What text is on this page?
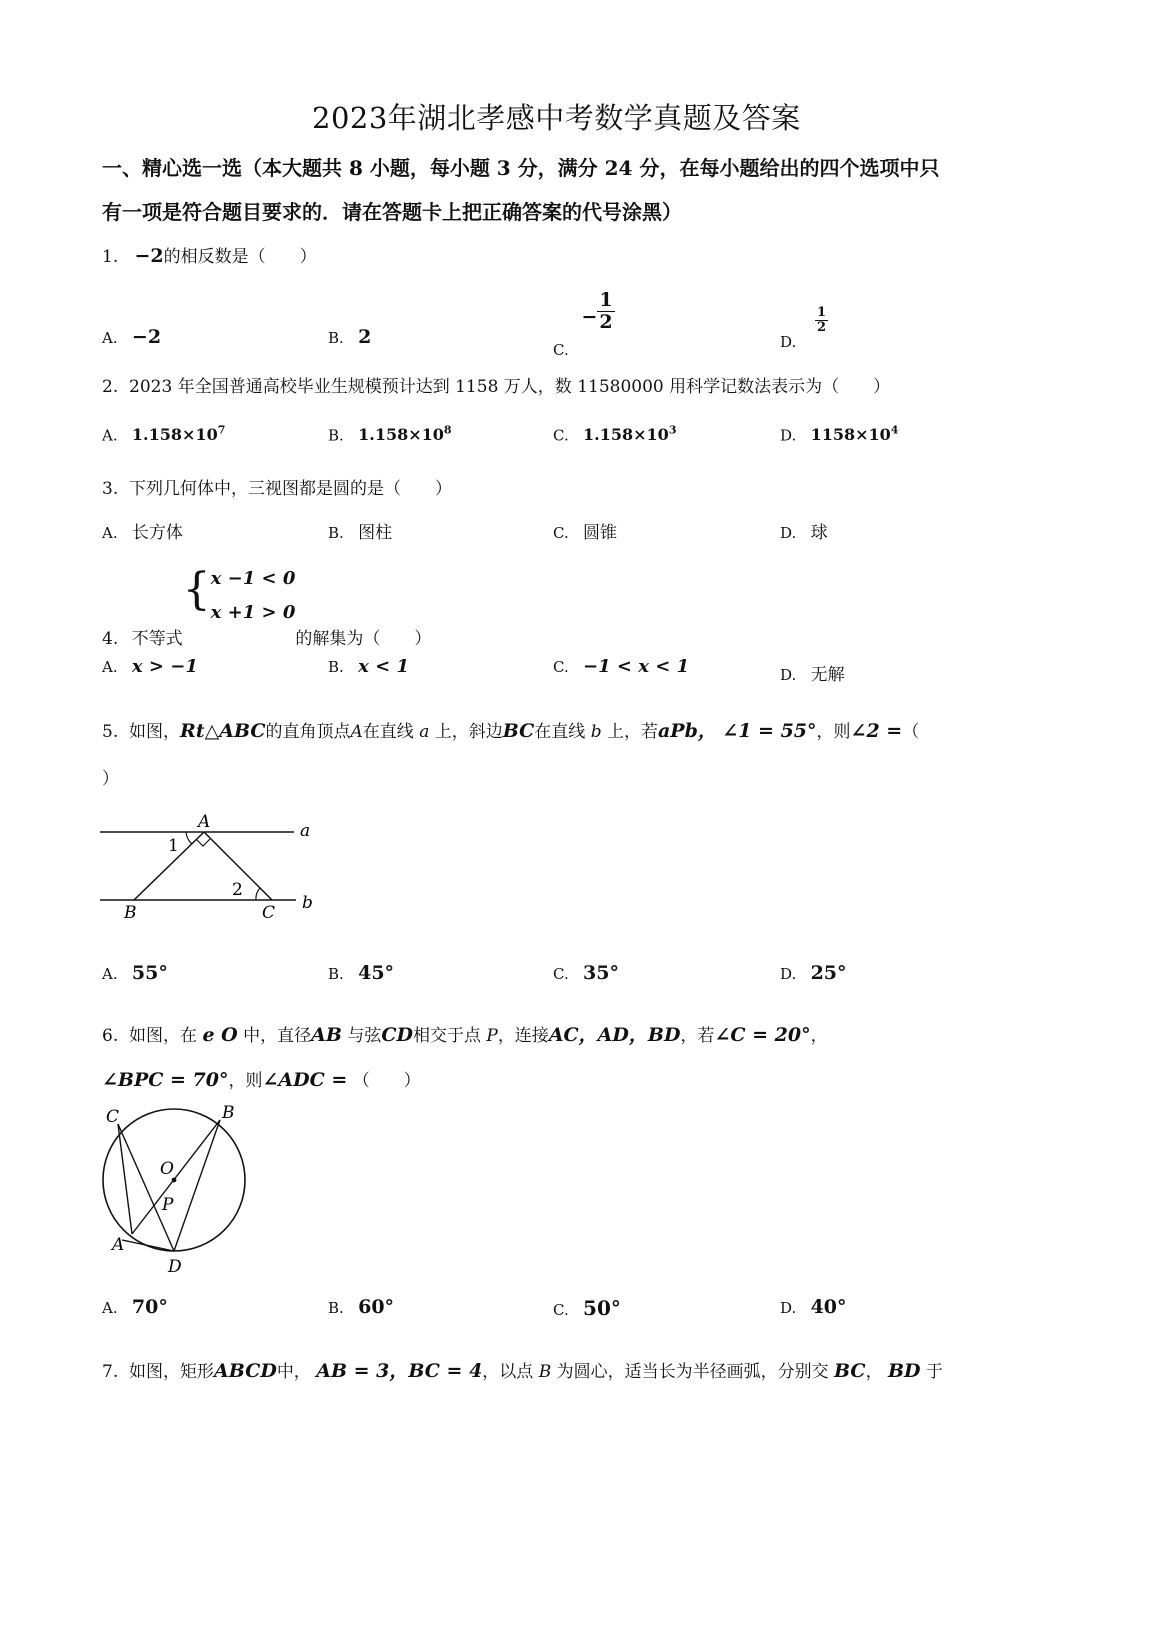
2023年湖北孝感中考数学真题及答案
一、精心选一选（本大题共 8 小题，每小题 3 分，满分 24 分，在每小题给出的四个选项中只
有一项是符合题目要求的．请在答题卡上把正确答案的代号涂黑）
1. −2的相反数是（　　）
A. −2	B. 2
C. − $\frac{1}{2}$
D.
$\frac{1}{2}$
2. 2023 年全国普通高校毕业生规模预计达到 1158 万人，数 11580000 用科学记数法表示为（　　）
A. $1.158\times 10^7$	B. $1.158\times 10^8$	C. $1.158\times 10^3$	D. $1158\times 10^4$
3. 下列几何体中，三视图都是圆的是（　　）
A. 长方体	B. 图柱	C. 圆锥	D. 球
4. 不等式{ x −1 < 0
x +1 > 0
的解集为（　　）
A. x > −1	B. x < 1	C. −1 < x < 1	D. 无解
5. 如图，Rt△ABC的直角顶点A在直线 a 上，斜边BC在直线 b 上，若aPb， ∠1 = 55°，则∠2 =（
）
A
1
2
B	C
a
b
A. 55°	B. 45°	C. 35°	D. 25°
6. 如图，在 e O 中，直径AB 与弦CD相交于点 P，连接AC，AD，BD，若∠C = 20°，
∠BPC = 70°，则∠ADC = （　　）
C	B
O
P
A
D
A. 70°	B. 60°	C. 50°	D. 40°
7. 如图，矩形ABCD中， AB = 3，BC = 4，以点 B 为圆心，适当长为半径画弧，分别交 BC， BD 于
